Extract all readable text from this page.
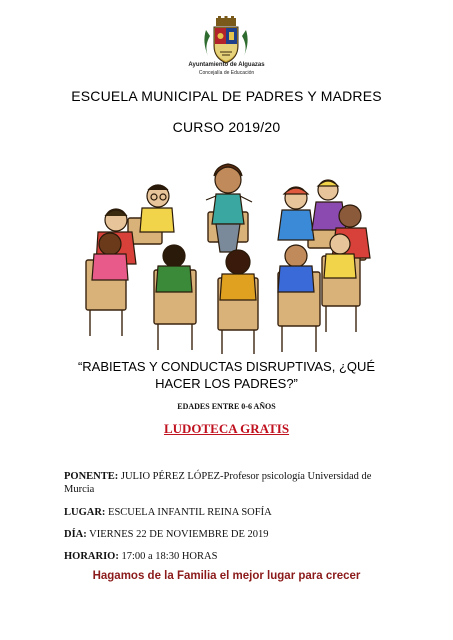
Ayuntamiento de Alguazas
Concejalía de Educación
ESCUELA MUNICIPAL DE PADRES Y MADRES
CURSO 2019/20
“RABIETAS Y CONDUCTAS DISRUPTIVAS, ¿QUÉ
HACER LOS PADRES?”
EDADES ENTRE 0-6 AÑOS
LUDOTECA GRATIS
PONENTE: JULIO PÉREZ LÓPEZ-Profesor psicología Universidad de Murcia
LUGAR: ESCUELA INFANTIL REINA SOFÍA
DÍA: VIERNES 22 DE NOVIEMBRE DE 2019
HORARIO: 17:00 a 18:30 HORAS
Hagamos de la Familia el mejor lugar para crecer
